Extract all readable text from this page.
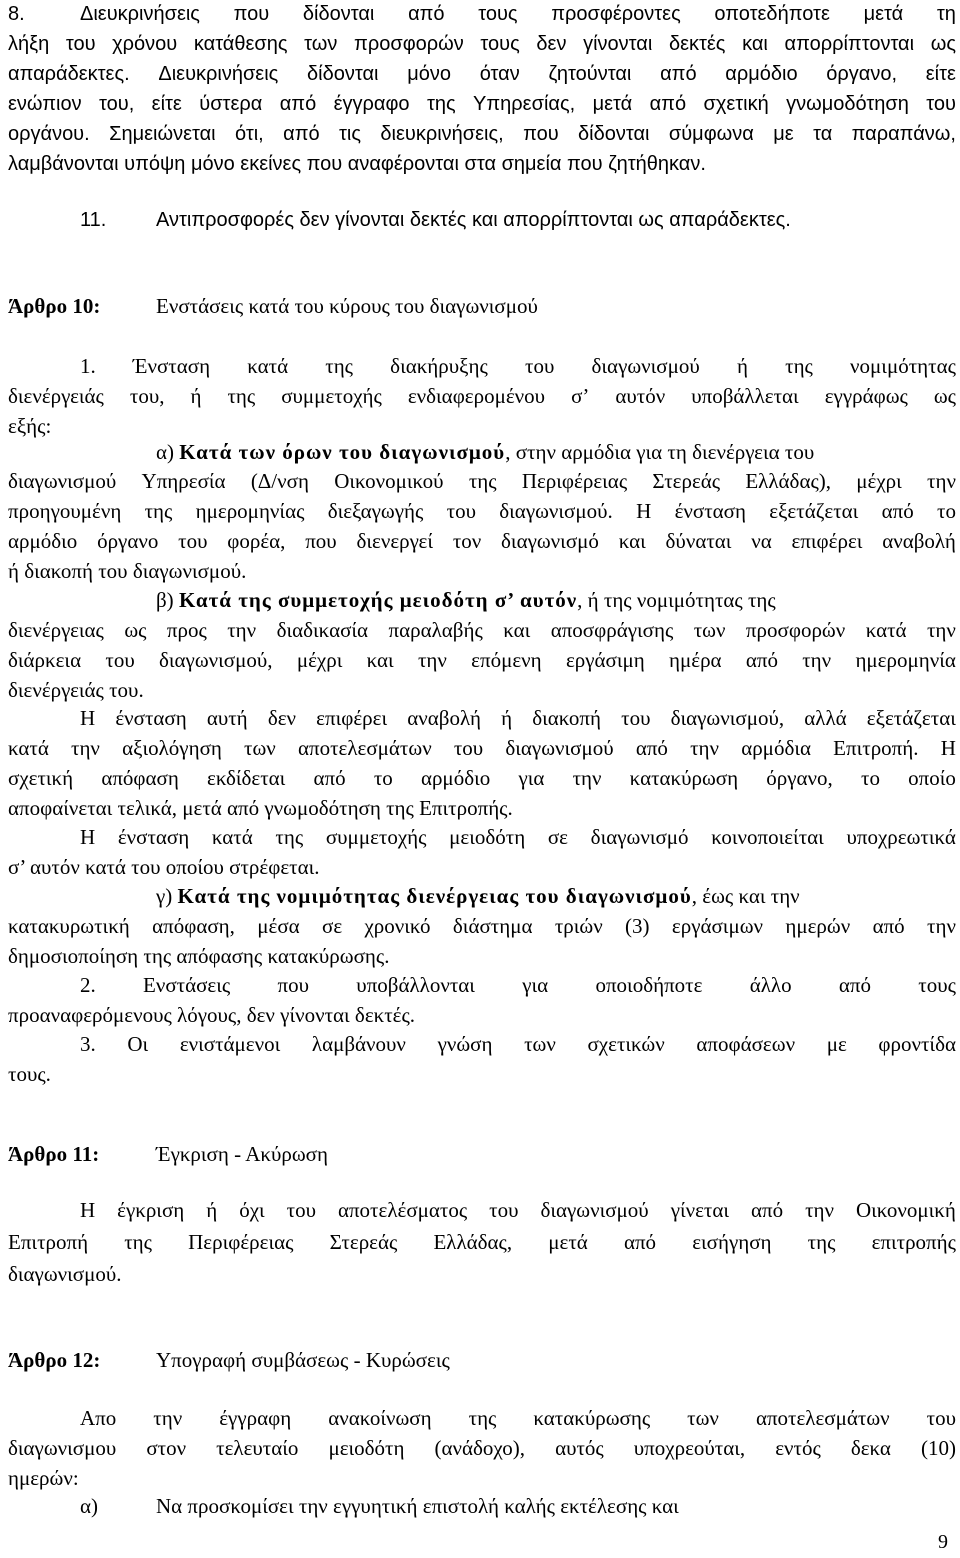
8.	Διευκρινήσεις που δίδονται από τους προσφέροντες οποτεδήποτε μετά τη
λήξη του χρόνου κατάθεσης των προσφορών τους δεν γίνονται δεκτές και απορρίπτονται ως
απαράδεκτες. Διευκρινήσεις δίδονται μόνο όταν ζητούνται από αρμόδιο όργανο, είτε
ενώπιον του, είτε ύστερα από έγγραφο της Υπηρεσίας, μετά από σχετική γνωμοδότηση του
οργάνου. Σημειώνεται ότι, από τις διευκρινήσεις, που δίδονται σύμφωνα με τα παραπάνω,
λαμβάνονται υπόψη μόνο εκείνες που αναφέρονται στα σημεία που ζητήθηκαν.
11. Αντιπροσφορές δεν γίνονται δεκτές και απορρίπτονται ως απαράδεκτες.
Άρθρο 10:	Ενστάσεις κατά του κύρους του διαγωνισμού
1. Ένσταση κατά της διακήρυξης του διαγωνισμού ή της νομιμότητας
διενέργειάς του, ή της συμμετοχής ενδιαφερομένου σ’ αυτόν υποβάλλεται εγγράφως ως
εξής:
α) Κατά των όρων του διαγωνισμού, στην αρμόδια για τη διενέργεια του
διαγωνισμού Υπηρεσία (Δ/νση Οικονομικού της Περιφέρειας Στερεάς Ελλάδας), μέχρι την
προηγουμένη της ημερομηνίας διεξαγωγής του διαγωνισμού. Η ένσταση εξετάζεται από το
αρμόδιο όργανο του φορέα, που διενεργεί τον διαγωνισμό και δύναται να επιφέρει αναβολή
ή διακοπή του διαγωνισμού.
β) Κατά της συμμετοχής μειοδότη σ’ αυτόν, ή της νομιμότητας της
διενέργειας ως προς την διαδικασία παραλαβής και αποσφράγισης των προσφορών κατά την
διάρκεια του διαγωνισμού, μέχρι και την επόμενη εργάσιμη ημέρα από την ημερομηνία
διενέργειάς του.
Η ένσταση αυτή δεν επιφέρει αναβολή ή διακοπή του διαγωνισμού, αλλά εξετάζεται
κατά την αξιολόγηση των αποτελεσμάτων του διαγωνισμού από την αρμόδια Επιτροπή. Η
σχετική απόφαση εκδίδεται από το αρμόδιο για την κατακύρωση όργανο, το οποίο
αποφαίνεται τελικά, μετά από γνωμοδότηση της Επιτροπής.
Η ένσταση κατά της συμμετοχής μειοδότη σε διαγωνισμό κοινοποιείται υποχρεωτικά
σ’ αυτόν κατά του οποίου στρέφεται.
γ) Κατά της νομιμότητας διενέργειας του διαγωνισμού, έως και την
κατακυρωτική απόφαση, μέσα σε χρονικό διάστημα τριών (3) εργάσιμων ημερών από την
δημοσιοποίηση της απόφασης κατακύρωσης.
2. Ενστάσεις που υποβάλλονται για οποιοδήποτε άλλο από τους
προαναφερόμενους λόγους, δεν γίνονται δεκτές.
3. Οι ενιστάμενοι λαμβάνουν γνώση των σχετικών αποφάσεων με φροντίδα
τους.
Άρθρο 11:	Έγκριση - Ακύρωση
Η έγκριση ή όχι του αποτελέσματος του διαγωνισμού γίνεται από την Οικονομική
Επιτροπή της Περιφέρειας Στερεάς Ελλάδας, μετά από εισήγηση της επιτροπής
διαγωνισμού.
Άρθρο 12:	Υπογραφή συμβάσεως - Κυρώσεις
Απο την έγγραφη ανακοίνωση της κατακύρωσης των αποτελεσμάτων του
διαγωνισμου στον τελευταίο μειοδότη (ανάδοχο), αυτός υποχρεούται, εντός δεκα (10)
ημερών:
α)	Να προσκομίσει την εγγυητική επιστολή καλής εκτέλεσης και
9
